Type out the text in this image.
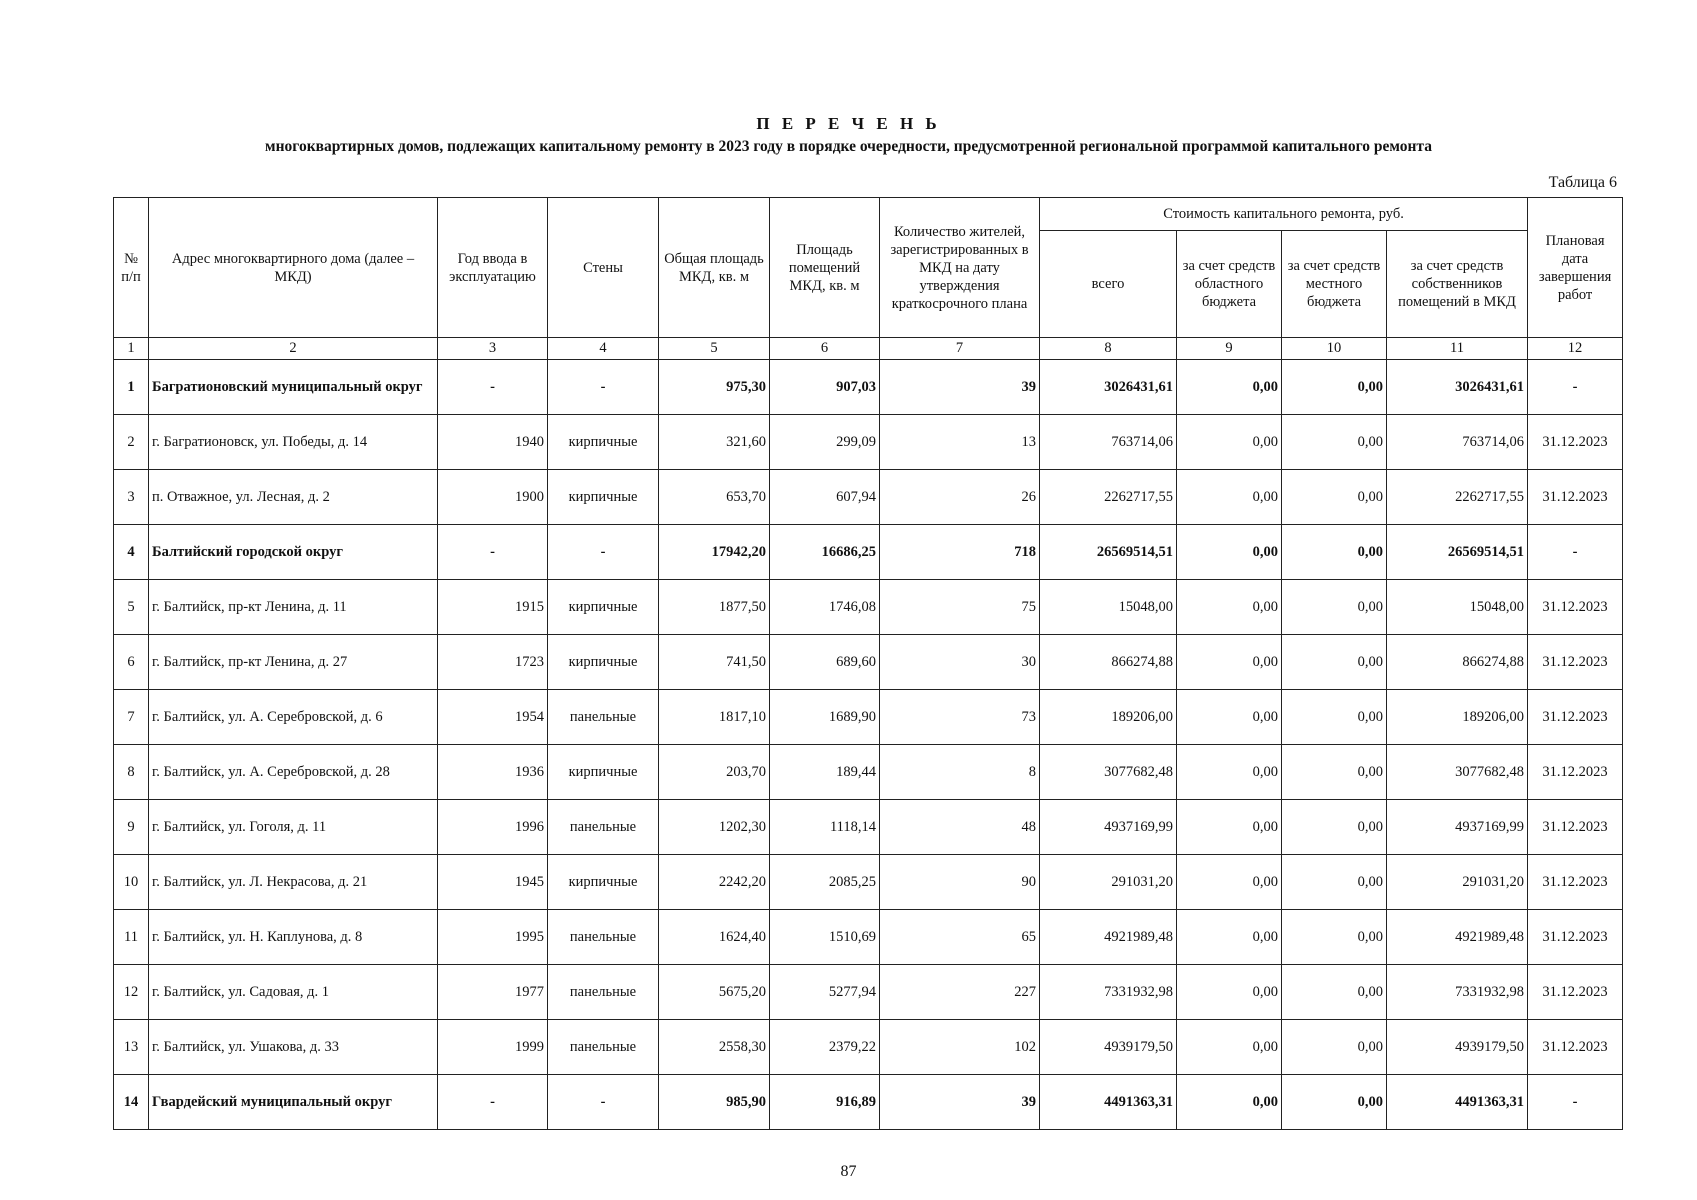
П Е Р Е Ч Е Н Ь
многоквартирных домов, подлежащих капитальному ремонту в 2023 году в порядке очередности, предусмотренной региональной программой капитального ремонта
Таблица 6
№ п/п	Адрес многоквартирного дома (далее – МКД)	Год ввода в эксплуатацию	Стены	Общая площадь МКД, кв. м	Площадь помещений МКД, кв. м	Количество жителей, зарегистрированных в МКД на дату утверждения краткосрочного плана	Стоимость капитального ремонта, руб.				Плановая дата завершения работ
							всего	за счет средств областного бюджета	за счет средств местного бюджета	за счет средств собственников помещений в МКД	
1	2	3	4	5	6	7	8	9	10	11	12
1	Багратионовский муниципальный округ	-	-	975,30	907,03	39	3026431,61	0,00	0,00	3026431,61	-
2	г. Багратионовск, ул. Победы, д. 14	1940	кирпичные	321,60	299,09	13	763714,06	0,00	0,00	763714,06	31.12.2023
3	п. Отважное, ул. Лесная, д. 2	1900	кирпичные	653,70	607,94	26	2262717,55	0,00	0,00	2262717,55	31.12.2023
4	Балтийский городской округ	-	-	17942,20	16686,25	718	26569514,51	0,00	0,00	26569514,51	-
5	г. Балтийск, пр-кт Ленина, д. 11	1915	кирпичные	1877,50	1746,08	75	15048,00	0,00	0,00	15048,00	31.12.2023
6	г. Балтийск, пр-кт Ленина, д. 27	1723	кирпичные	741,50	689,60	30	866274,88	0,00	0,00	866274,88	31.12.2023
7	г. Балтийск, ул. А. Серебровской, д. 6	1954	панельные	1817,10	1689,90	73	189206,00	0,00	0,00	189206,00	31.12.2023
8	г. Балтийск, ул. А. Серебровской, д. 28	1936	кирпичные	203,70	189,44	8	3077682,48	0,00	0,00	3077682,48	31.12.2023
9	г. Балтийск, ул. Гоголя, д. 11	1996	панельные	1202,30	1118,14	48	4937169,99	0,00	0,00	4937169,99	31.12.2023
10	г. Балтийск, ул. Л. Некрасова, д. 21	1945	кирпичные	2242,20	2085,25	90	291031,20	0,00	0,00	291031,20	31.12.2023
11	г. Балтийск, ул. Н. Каплунова, д. 8	1995	панельные	1624,40	1510,69	65	4921989,48	0,00	0,00	4921989,48	31.12.2023
12	г. Балтийск, ул. Садовая, д. 1	1977	панельные	5675,20	5277,94	227	7331932,98	0,00	0,00	7331932,98	31.12.2023
13	г. Балтийск, ул. Ушакова, д. 33	1999	панельные	2558,30	2379,22	102	4939179,50	0,00	0,00	4939179,50	31.12.2023
14	Гвардейский муниципальный округ	-	-	985,90	916,89	39	4491363,31	0,00	0,00	4491363,31	-
87
